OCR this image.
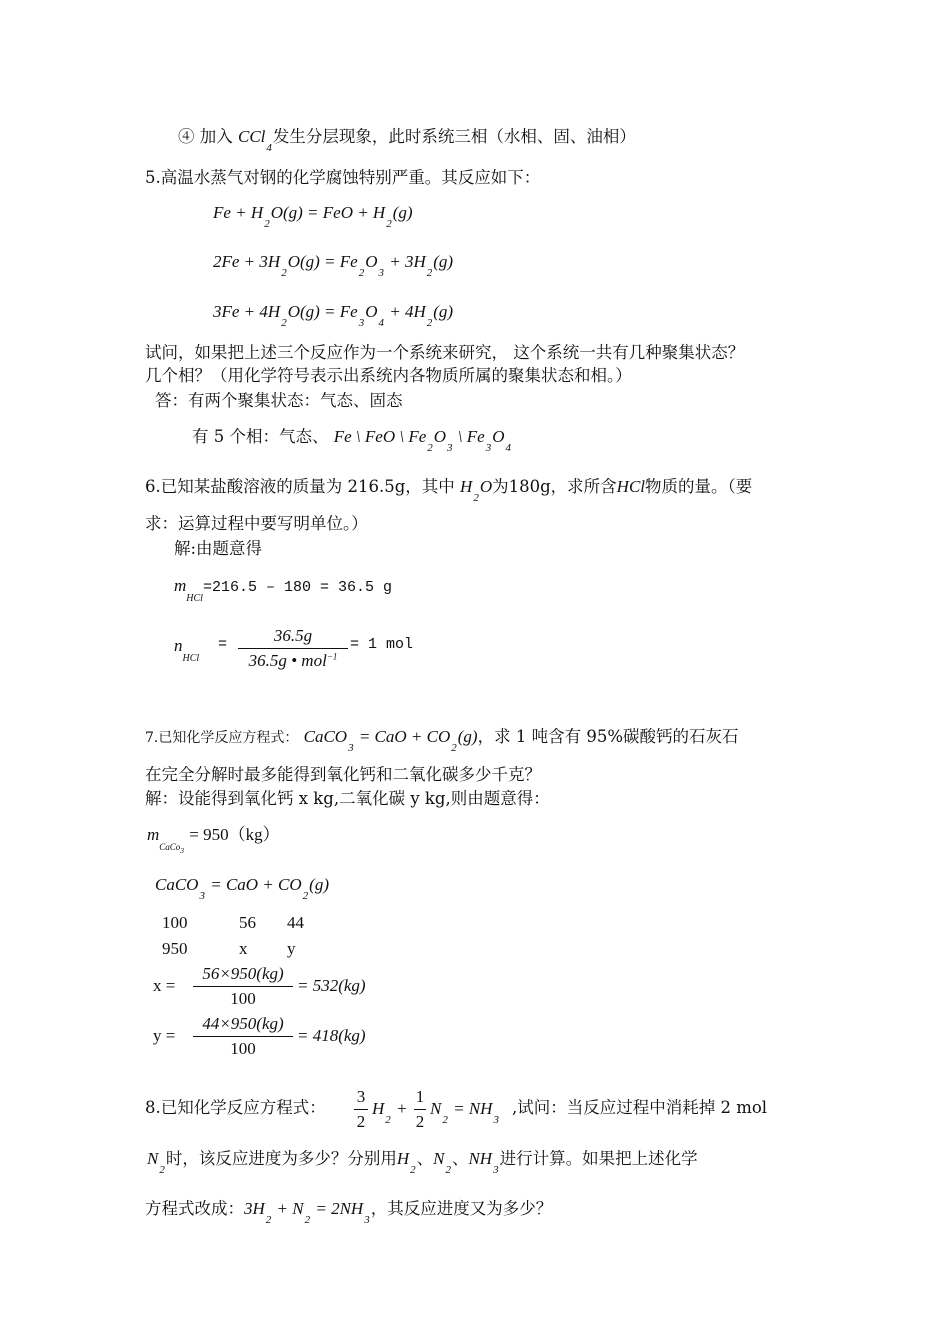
④ 加入 CCl$_4$发生分层现象，此时系统三相（水相、固、油相）
5.高温水蒸气对钢的化学腐蚀特别严重。其反应如下：
$Fe + H_2O(g)$ = FeO + $H_2(g)$
$2Fe + 3H_2O(g) = Fe_2O_3 + 3H_2(g)$
$3Fe + 4H_2O(g) = Fe_3O_4 + 4H_2(g)$
试问，如果把上述三个反应作为一个系统来研究， 这个系统一共有几种聚集状态？
几个相？（用化学符号表示出系统内各物质所属的聚集状态和相。）
答：有两个聚集状态：气态、固态
有 5 个相：气态、 Fe \ FeO \ $Fe_2O_3$ \ $Fe_3O_4$
6.已知某盐酸溶液的质量为 216.5g，其中 $H_2O$为180g，求所含HCl物质的量。（要
求：运算过程中要写明单位。）
解:由题意得
$m_{HCl}=216.5 - 180 = 36.5$ g
$n_{HCl}$
=	36.5g
36.5g • mol$^{-1}$
= 1 mol
7.已知化学反应方程式： CaCO$_3$ = CaO + $CO_2(g)$，求 1 吨含有 95%碳酸钙的石灰石
在完全分解时最多能得到氧化钙和二氧化碳多少千克？
解：设能得到氧化钙 x kg,二氧化碳 y kg,则由题意得：
$m_{CaCo_3} = 950(kg)$
CaCO$_3$ = CaO + $CO_2(g)$
100	56 44
950	x y
x =
56×950(kg)
100
= 532(kg)
y =
44×950(kg)
100
= 418(kg)
8.已知化学反应方程式：
3
2
$H_2$ +
1
2
$N_2 = NH_3$
,试问：当反应过程中消耗掉 2 mol
$N_2$时，该反应进度为多少？分别用$H_2$、$N_2$、$NH_3$进行计算。如果把上述化学
方程式改成：$3H_2 + N_2 = 2NH_3$，其反应进度又为多少？
